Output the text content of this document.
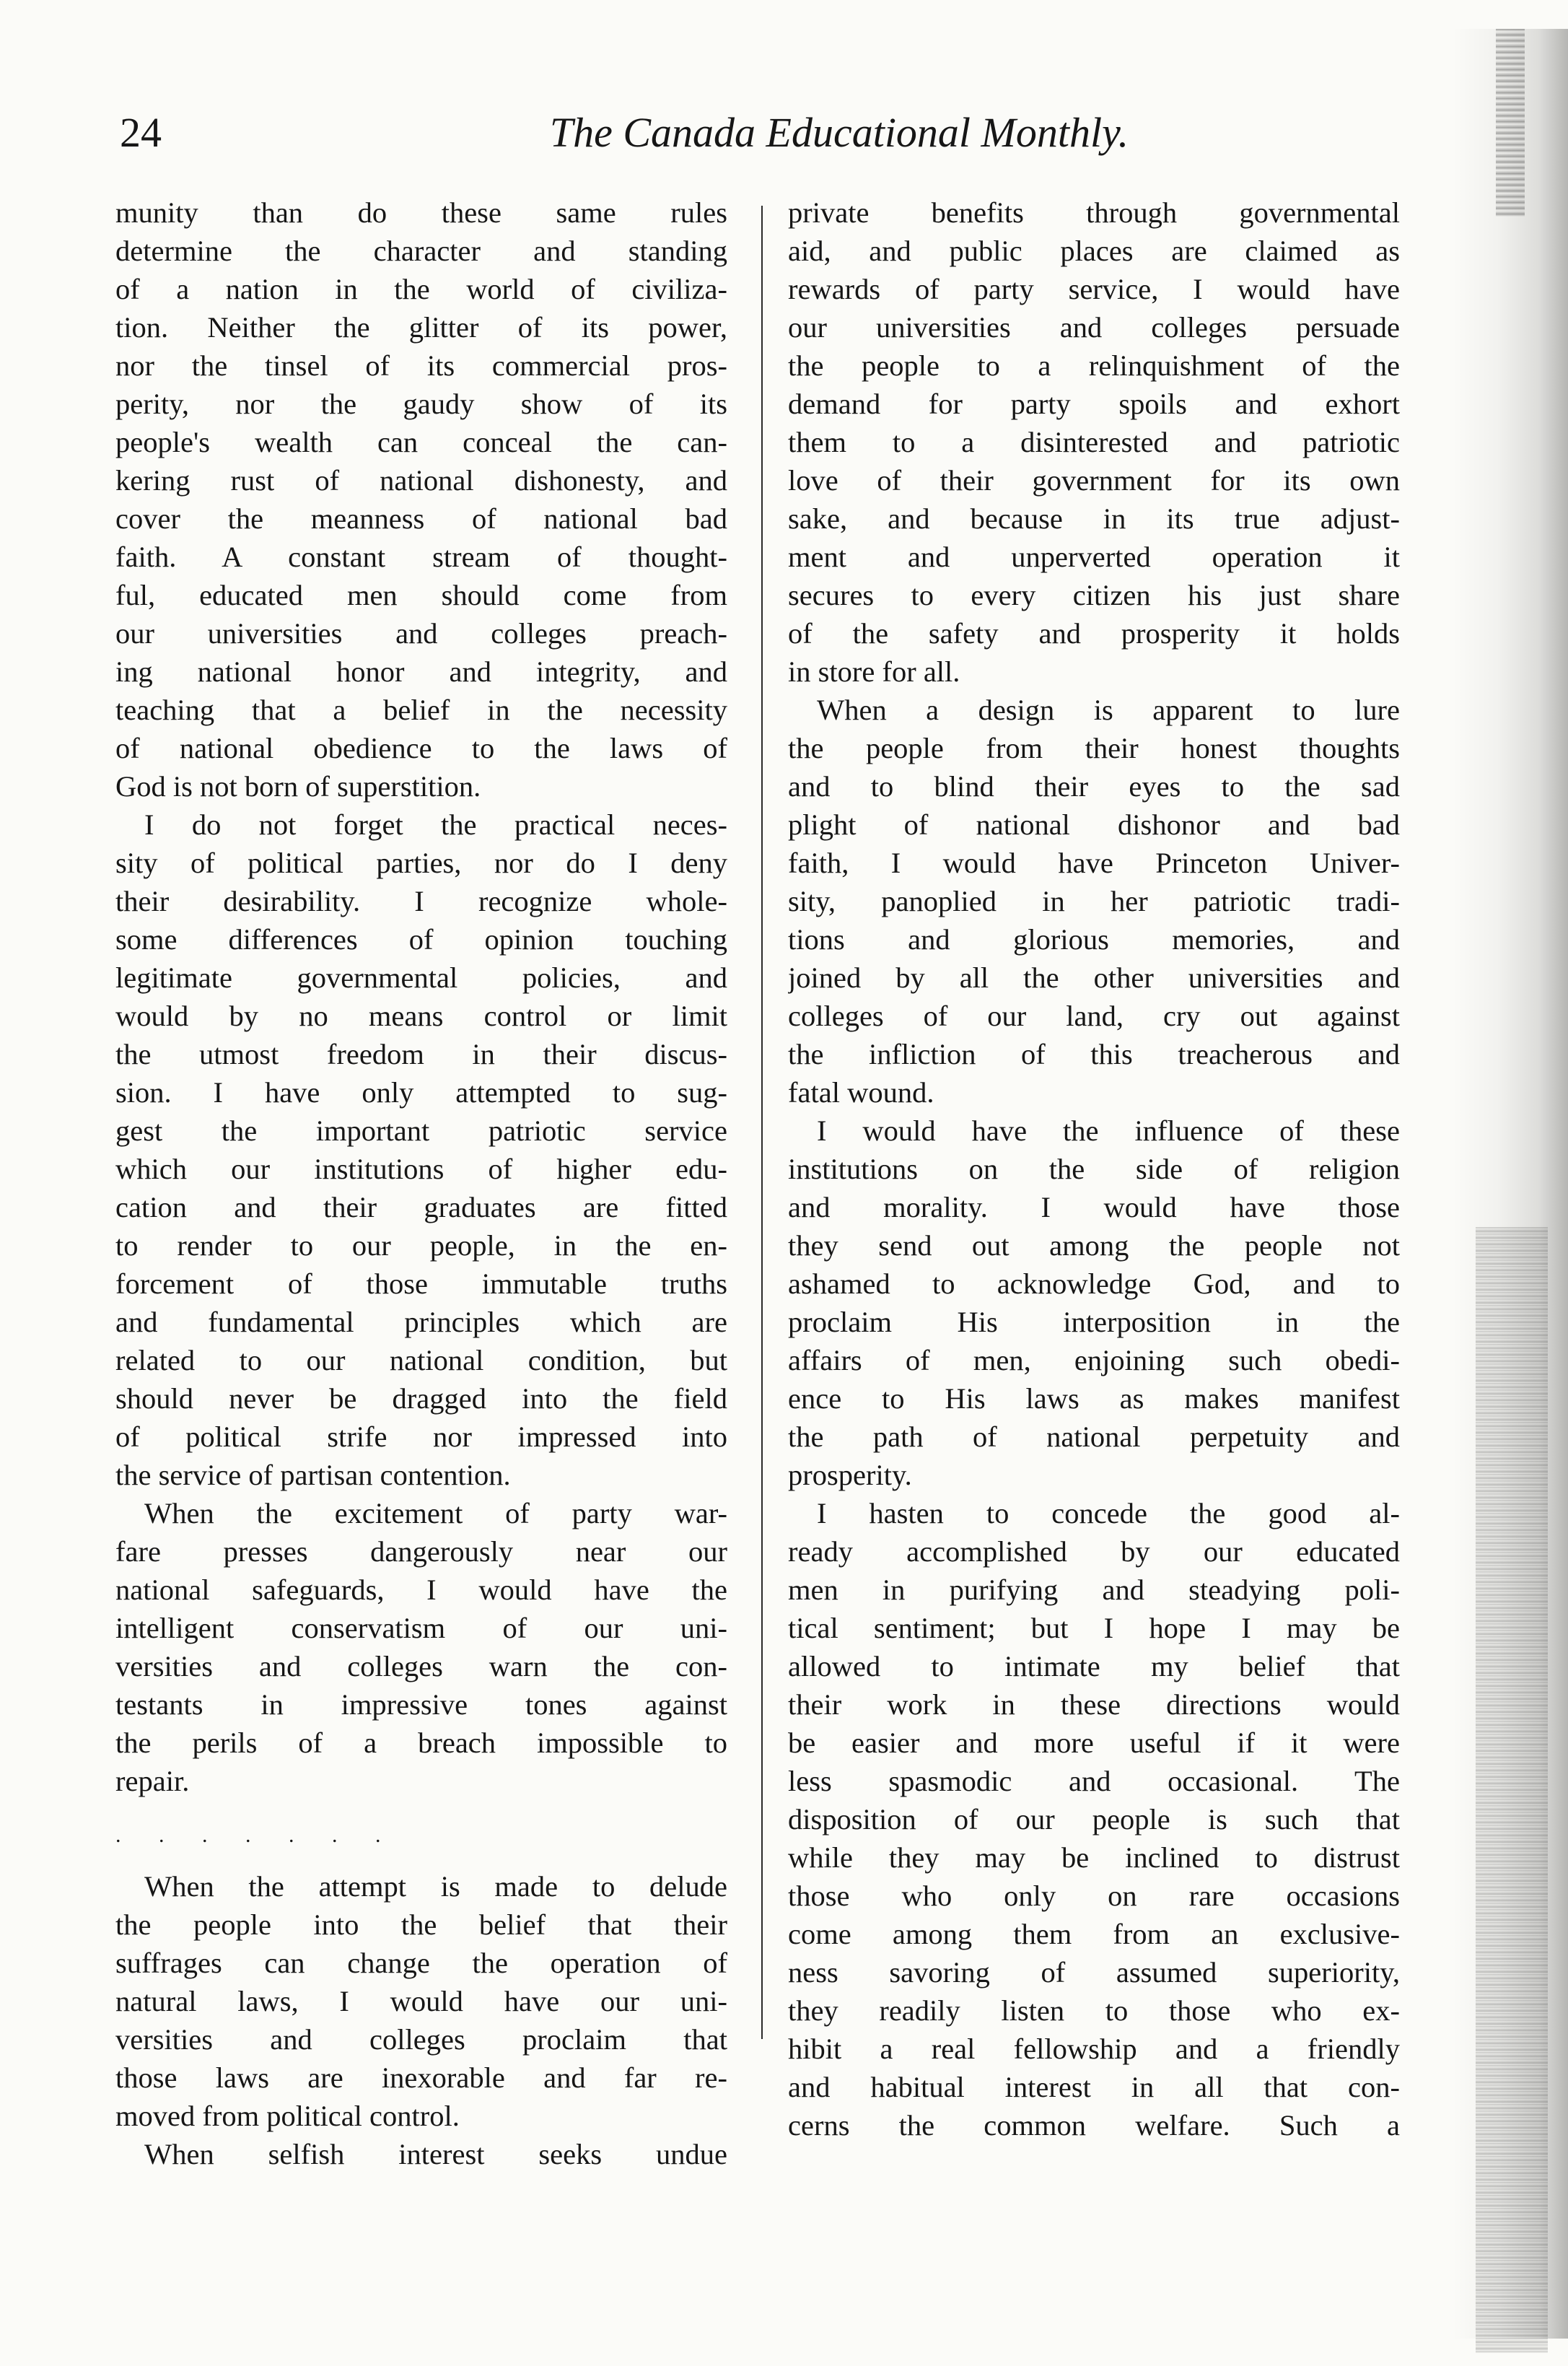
24	The Canada Educational Monthly.
munity than do these same rules
determine the character and standing
of a nation in the world of civiliza-
tion. Neither the glitter of its power,
nor the tinsel of its commercial pros-
perity, nor the gaudy show of its
people's wealth can conceal the can-
kering rust of national dishonesty, and
cover the meanness of national bad
faith. A constant stream of thought-
ful, educated men should come from
our universities and colleges preach-
ing national honor and integrity, and
teaching that a belief in the necessity
of national obedience to the laws of
God is not born of superstition.
I do not forget the practical neces-
sity of political parties, nor do I deny
their desirability. I recognize whole-
some differences of opinion touching
legitimate governmental policies, and
would by no means control or limit
the utmost freedom in their discus-
sion. I have only attempted to sug-
gest the important patriotic service
which our institutions of higher edu-
cation and their graduates are fitted
to render to our people, in the en-
forcement of those immutable truths
and fundamental principles which are
related to our national condition, but
should never be dragged into the field
of political strife nor impressed into
the service of partisan contention.
When the excitement of party war-
fare presses dangerously near our
national safeguards, I would have the
intelligent conservatism of our uni-
versities and colleges warn the con-
testants in impressive tones against
the perils of a breach impossible to
repair.
. . . . . . .
When the attempt is made to delude
the people into the belief that their
suffrages can change the operation of
natural laws, I would have our uni-
versities and colleges proclaim that
those laws are inexorable and far re-
moved from political control.
When selfish interest seeks undue
private benefits through governmental
aid, and public places are claimed as
rewards of party service, I would have
our universities and colleges persuade
the people to a relinquishment of the
demand for party spoils and exhort
them to a disinterested and patriotic
love of their government for its own
sake, and because in its true adjust-
ment and unperverted operation it
secures to every citizen his just share
of the safety and prosperity it holds
in store for all.
When a design is apparent to lure
the people from their honest thoughts
and to blind their eyes to the sad
plight of national dishonor and bad
faith, I would have Princeton Univer-
sity, panoplied in her patriotic tradi-
tions and glorious memories, and
joined by all the other universities and
colleges of our land, cry out against
the infliction of this treacherous and
fatal wound.
I would have the influence of these
institutions on the side of religion
and morality. I would have those
they send out among the people not
ashamed to acknowledge God, and to
proclaim His interposition in the
affairs of men, enjoining such obedi-
ence to His laws as makes manifest
the path of national perpetuity and
prosperity.
I hasten to concede the good al-
ready accomplished by our educated
men in purifying and steadying poli-
tical sentiment; but I hope I may be
allowed to intimate my belief that
their work in these directions would
be easier and more useful if it were
less spasmodic and occasional. The
disposition of our people is such that
while they may be inclined to distrust
those who only on rare occasions
come among them from an exclusive-
ness savoring of assumed superiority,
they readily listen to those who ex-
hibit a real fellowship and a friendly
and habitual interest in all that con-
cerns the common welfare. Such a
